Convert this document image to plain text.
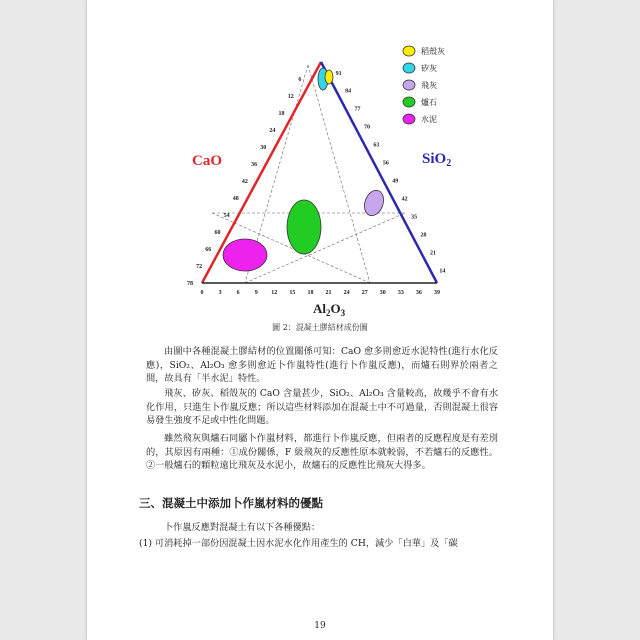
6
12
18
24
30
36
42
48
54
60
66
72
78
91
84
77
70
63
56
49
42
35
28
21
14
0	3	6	9 12 15 18 21 24 27 30 33 36 39
CaO	SiO$_2$
$Al_2O_3$
稻殼灰
矽灰
飛灰
爐石
水泥
圖 2：混凝土膠結材成份圖

由圖中各種混凝土膠結材的位置關係可知：CaO 愈多則愈近水泥特性(進行水化反應)，SiO₂、Al₂O₃ 愈多則愈近卜作嵐特性(進行卜作嵐反應)，而爐石則界於兩者之間，故具有「半水泥」特性。

飛灰、矽灰、稻殼灰的 CaO 含量甚少，SiO₂、Al₂O₃ 含量較高，故幾乎不會有水化作用，只進生卜作嵐反應；所以這些材料添加在混凝土中不可過量，否則混凝土很容易發生強度不足或中性化問題。

雖然飛灰與爐石同屬卜作嵐材料，都進行卜作嵐反應，但兩者的反應程度是有差別的，其原因有兩種：①成份關係，F 級飛灰的反應性原本就較弱，不若爐石的反應性。②一般爐石的顆粒遠比飛灰及水泥小，故爐石的反應性比飛灰大得多。

三、混凝土中添加卜作嵐材料的優點

卜作嵐反應對混凝土有以下各種優點：

(1) 可消耗掉一部份因混凝土因水泥水化作用產生的 CH，減少「白華」及「碳

19
